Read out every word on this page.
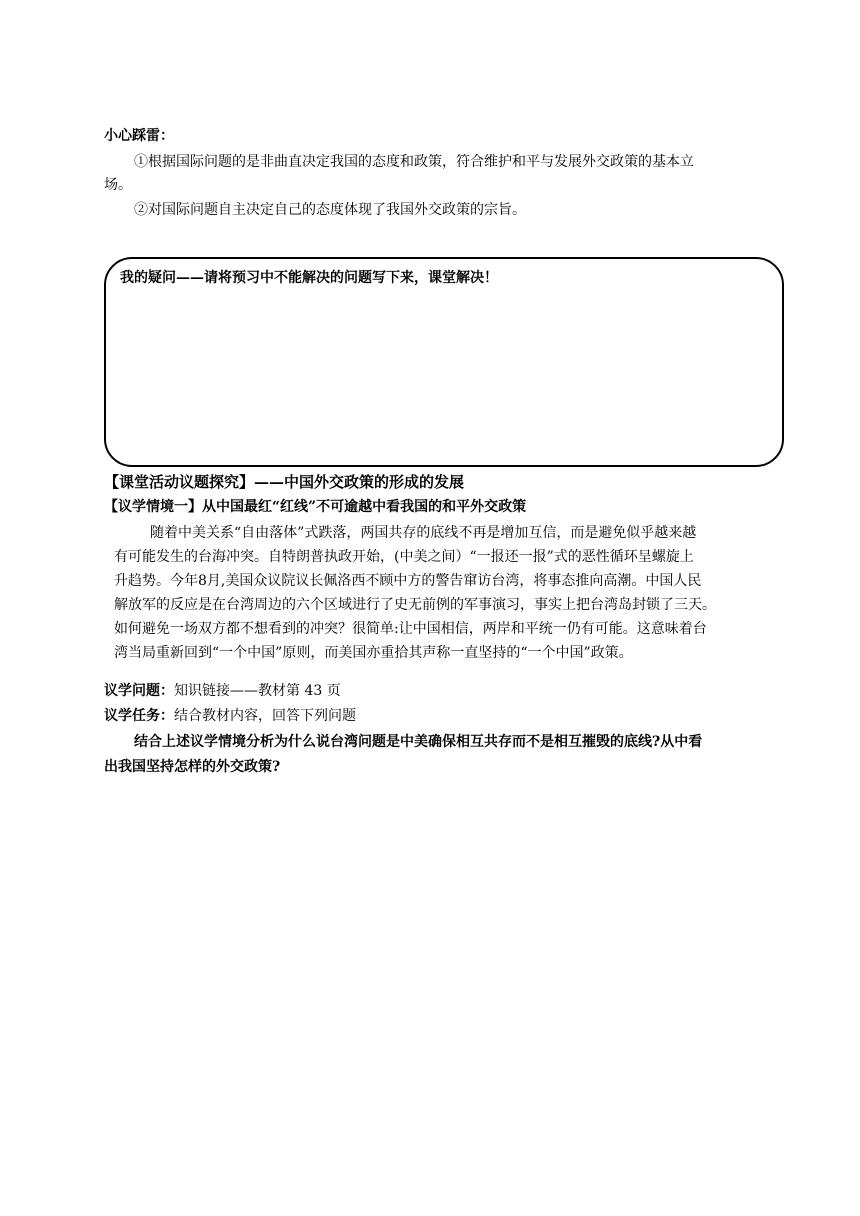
小心踩雷：
①根据国际问题的是非曲直决定我国的态度和政策，符合维护和平与发展外交政策的基本立
场。
②对国际问题自主决定自己的态度体现了我国外交政策的宗旨。
我的疑问——请将预习中不能解决的问题写下来，课堂解决！
【课堂活动议题探究】——中国外交政策的形成的发展
【议学情境一】从中国最红“红线”不可逾越中看我国的和平外交政策
随着中美关系“自由落体”式跌落，两国共存的底线不再是增加互信，而是避免似乎越来越
有可能发生的台海冲突。自特朗普执政开始，(中美之间）“一报还一报”式的恶性循环呈螺旋上
升趋势。今年8月,美国众议院议长佩洛西不顾中方的警告窜访台湾，将事态推向高潮。中国人民
解放军的反应是在台湾周边的六个区域进行了史无前例的军事演习，事实上把台湾岛封锁了三天。
如何避免一场双方都不想看到的冲突？很简单:让中国相信，两岸和平统一仍有可能。这意味着台
湾当局重新回到“一个中国”原则，而美国亦重拾其声称一直坚持的“一个中国”政策。
议学问题：知识链接——教材第 43 页
议学任务：结合教材内容，回答下列问题
结合上述议学情境分析为什么说台湾问题是中美确保相互共存而不是相互摧毁的底线?从中看
出我国坚持怎样的外交政策?
